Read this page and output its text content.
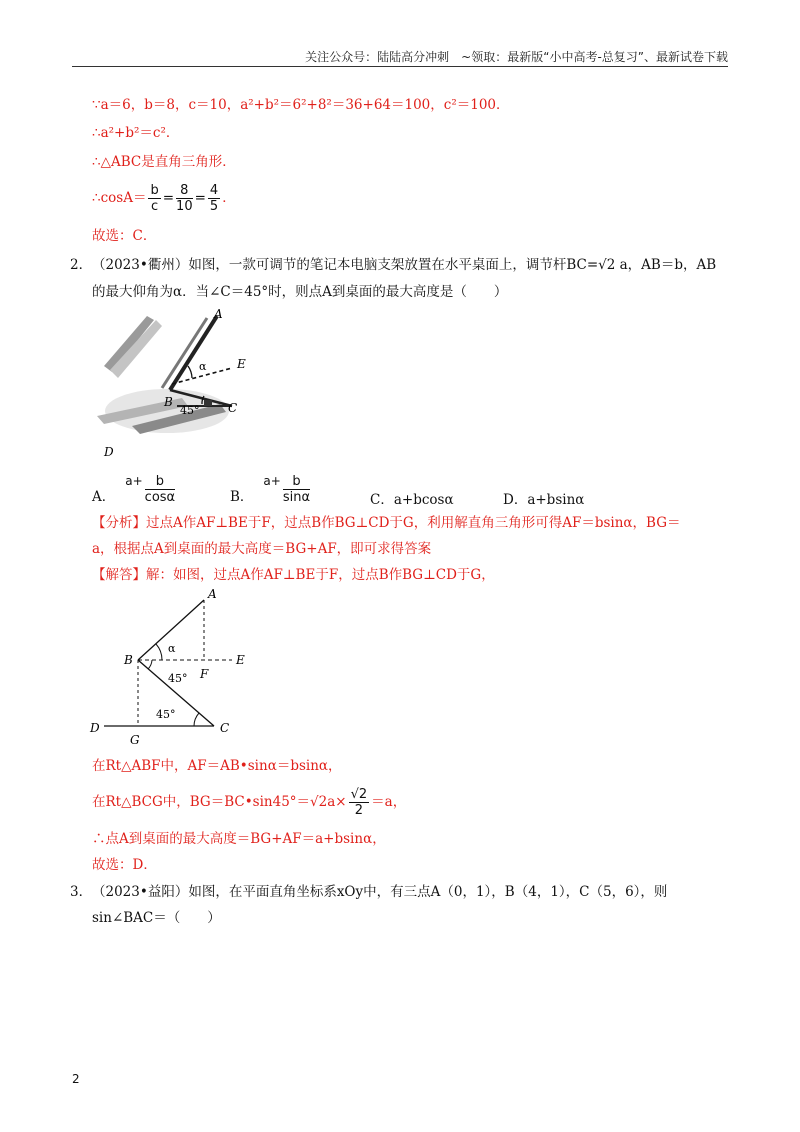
关注公众号：陆陆高分冲刺　~领取：最新版“小中高考-总复习”、最新试卷下载
∵a＝6，b＝8，c＝10，a²+b²＝6²+8²＝36+64＝100，c²＝100．
∴a²+b²＝c²．
∴△ABC是直角三角形．
∴cosA＝ $\frac{b}{c} = \frac{8}{10} = \frac{4}{5}$ ．
故选：C．
2． （2023•衢州）如图，一款可调节的笔记本电脑支架放置在水平桌面上，调节杆BC=√2 a，AB＝b，AB
的最大仰角为α．当∠C＝45°时，则点A到桌面的最大高度是（　　）
A
E
α
B
45° C
D
A．$a+ \frac{b}{\cos\alpha}$	B．$a+ \frac{b}{\sin\alpha}$	C．a+bcosα	D．a+bsinα
【分析】过点A作AF⊥BE于F，过点B作BG⊥CD于G，利用解直角三角形可得AF＝bsinα，BG＝
a，根据点A到桌面的最大高度＝BG+AF，即可求得答案
【解答】解：如图，过点A作AF⊥BE于F，过点B作BG⊥CD于G，
A
B	E
F
α
45°
45°
C
D
G
在Rt△ABF中，AF＝AB•sinα＝bsinα，
在Rt△BCG中，BG＝BC•sin45°＝√2a× $\frac{√2}{2} =a$，
∴点A到桌面的最大高度＝BG+AF＝a+bsinα，
故选：D．
3． （2023•益阳）如图，在平面直角坐标系xOy中，有三点A（0，1），B（4，1），C（5，6），则
sin∠BAC＝（　　）
2
